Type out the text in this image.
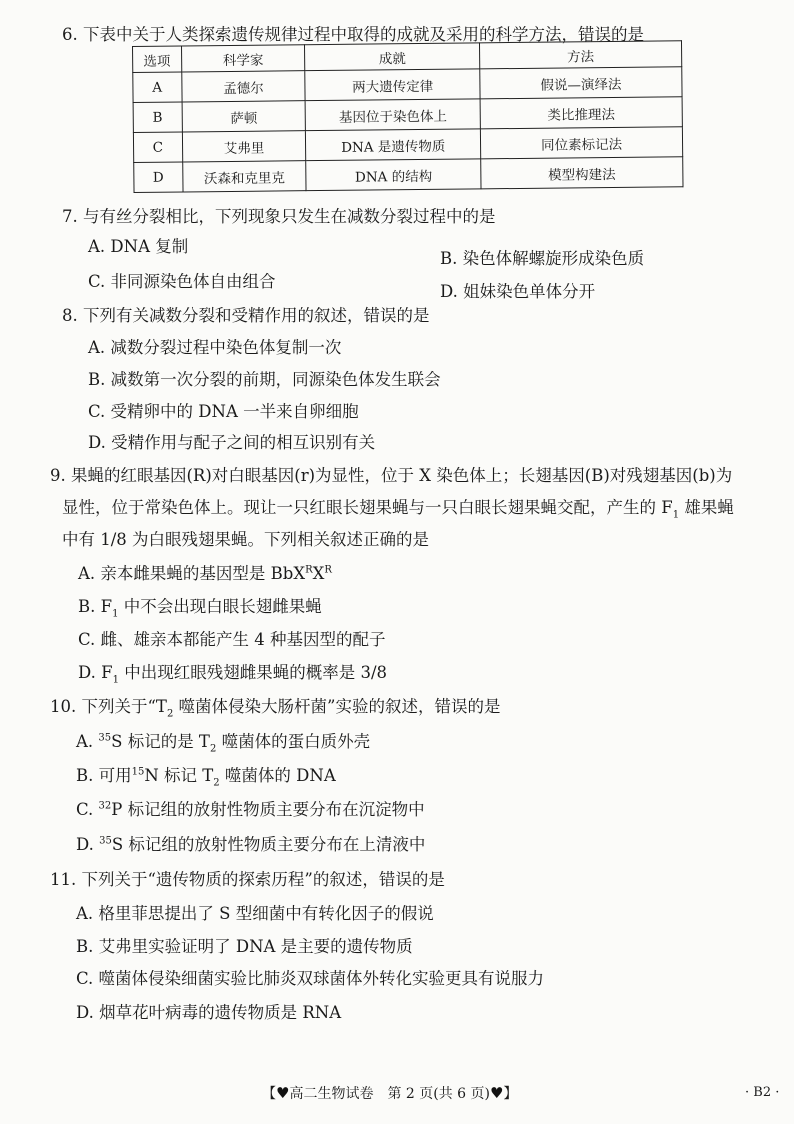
6. 下表中关于人类探索遗传规律过程中取得的成就及采用的科学方法，错误的是
选项	科学家	成就	方法
A	孟德尔	两大遗传定律	假说—演绎法
B	萨顿	基因位于染色体上	类比推理法
C	艾弗里	DNA 是遗传物质	同位素标记法
D	沃森和克里克	DNA 的结构	模型构建法
7. 与有丝分裂相比，下列现象只发生在减数分裂过程中的是
A. DNA 复制
B. 染色体解螺旋形成染色质
C. 非同源染色体自由组合
D. 姐妹染色单体分开
8. 下列有关减数分裂和受精作用的叙述，错误的是
A. 减数分裂过程中染色体复制一次
B. 减数第一次分裂的前期，同源染色体发生联会
C. 受精卵中的 DNA 一半来自卵细胞
D. 受精作用与配子之间的相互识别有关
9. 果蝇的红眼基因(R)对白眼基因(r)为显性，位于 X 染色体上；长翅基因(B)对残翅基因(b)为
显性，位于常染色体上。现让一只红眼长翅果蝇与一只白眼长翅果蝇交配，产生的 $F_1$ 雄果蝇
中有 1/8 为白眼残翅果蝇。下列相关叙述正确的是
A. 亲本雌果蝇的基因型是 $BbX^RX^R$
B. $F_1$ 中不会出现白眼长翅雌果蝇
C. 雌、雄亲本都能产生 4 种基因型的配子
D. $F_1$ 中出现红眼残翅雌果蝇的概率是 3/8
10. 下列关于“$T_2$ 噬菌体侵染大肠杆菌”实验的叙述，错误的是
A. $^{35}$S 标记的是 $T_2$ 噬菌体的蛋白质外壳
B. 可用$^{15}$N 标记 $T_2$ 噬菌体的 DNA
C. $^{32}$P 标记组的放射性物质主要分布在沉淀物中
D. $^{35}$S 标记组的放射性物质主要分布在上清液中
11. 下列关于“遗传物质的探索历程”的叙述，错误的是
A. 格里菲思提出了 S 型细菌中有转化因子的假说
B. 艾弗里实验证明了 DNA 是主要的遗传物质
C. 噬菌体侵染细菌实验比肺炎双球菌体外转化实验更具有说服力
D. 烟草花叶病毒的遗传物质是 RNA
【♥高二生物试卷　第 2 页(共 6 页)♥】	· B2 ·
